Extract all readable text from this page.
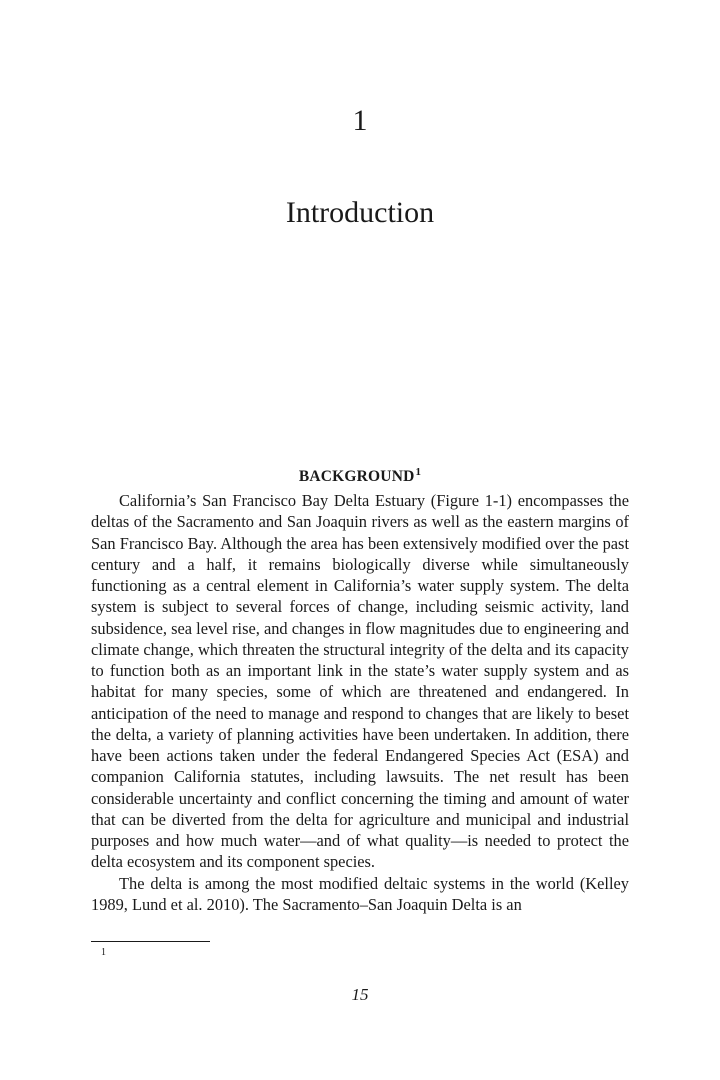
1
Introduction
BACKGROUND$^1$

California’s San Francisco Bay Delta Estuary (Figure 1-1) encompasses the deltas of the Sacramento and San Joaquin rivers as well as the eastern margins of San Francisco Bay. Although the area has been extensively modified over the past century and a half, it remains biologically diverse while simultaneously functioning as a central element in California’s water supply system. The delta system is subject to several forces of change, including seismic activity, land subsidence, sea level rise, and changes in flow magnitudes due to engineering and climate change, which threaten the structural integrity of the delta and its capacity to function both as an important link in the state’s water supply system and as habitat for many species, some of which are threatened and endangered. In anticipation of the need to manage and respond to changes that are likely to beset the delta, a variety of planning activities have been undertaken. In addition, there have been actions taken under the federal Endangered Species Act (ESA) and companion California statutes, including lawsuits. The net result has been considerable uncertainty and conflict concerning the timing and amount of water that can be diverted from the delta for agriculture and municipal and industrial purposes and how much water—and of what quality—is needed to protect the delta ecosystem and its component species.

The delta is among the most modified deltaic systems in the world (Kelley 1989, Lund et al. 2010). The Sacramento–San Joaquin Delta is an

1
15
